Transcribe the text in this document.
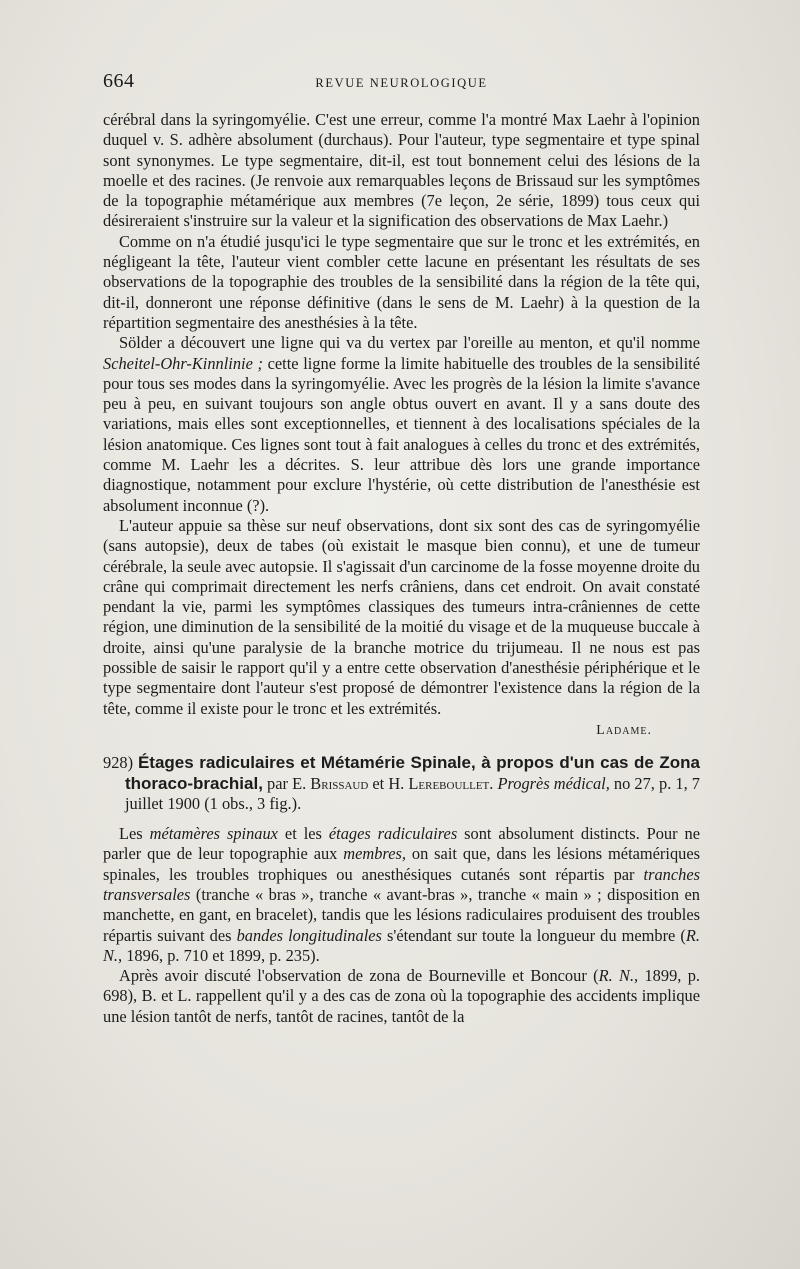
664	REVUE NEUROLOGIQUE

cérébral dans la syringomyélie. C'est une erreur, comme l'a montré Max Laehr à l'opinion duquel v. S. adhère absolument (durchaus). Pour l'auteur, type segmentaire et type spinal sont synonymes. Le type segmentaire, dit-il, est tout bonnement celui des lésions de la moelle et des racines. (Je renvoie aux remarquables leçons de Brissaud sur les symptômes de la topographie métamérique aux membres (7e leçon, 2e série, 1899) tous ceux qui désireraient s'instruire sur la valeur et la signification des observations de Max Laehr.)

Comme on n'a étudié jusqu'ici le type segmentaire que sur le tronc et les extrémités, en négligeant la tête, l'auteur vient combler cette lacune en présentant les résultats de ses observations de la topographie des troubles de la sensibilité dans la région de la tête qui, dit-il, donneront une réponse définitive (dans le sens de M. Laehr) à la question de la répartition segmentaire des anesthésies à la tête.

Sölder a découvert une ligne qui va du vertex par l'oreille au menton, et qu'il nomme Scheitel-Ohr-Kinnlinie ; cette ligne forme la limite habituelle des troubles de la sensibilité pour tous ses modes dans la syringomyélie. Avec les progrès de la lésion la limite s'avance peu à peu, en suivant toujours son angle obtus ouvert en avant. Il y a sans doute des variations, mais elles sont exceptionnelles, et tiennent à des localisations spéciales de la lésion anatomique. Ces lignes sont tout à fait analogues à celles du tronc et des extrémités, comme M. Laehr les a décrites. S. leur attribue dès lors une grande importance diagnostique, notamment pour exclure l'hystérie, où cette distribution de l'anesthésie est absolument inconnue (?).

L'auteur appuie sa thèse sur neuf observations, dont six sont des cas de syringomyélie (sans autopsie), deux de tabes (où existait le masque bien connu), et une de tumeur cérébrale, la seule avec autopsie. Il s'agissait d'un carcinome de la fosse moyenne droite du crâne qui comprimait directement les nerfs crâniens, dans cet endroit. On avait constaté pendant la vie, parmi les symptômes classiques des tumeurs intra-crâniennes de cette région, une diminution de la sensibilité de la moitié du visage et de la muqueuse buccale à droite, ainsi qu'une paralysie de la branche motrice du trijumeau. Il ne nous est pas possible de saisir le rapport qu'il y a entre cette observation d'anesthésie périphérique et le type segmentaire dont l'auteur s'est proposé de démontrer l'existence dans la région de la tête, comme il existe pour le tronc et les extrémités.

Ladame.

928) Étages radiculaires et Métamérie Spinale, à propos d'un cas de Zona thoraco-brachial, par E. Brissaud et H. Lereboullet. Progrès médical, no 27, p. 1, 7 juillet 1900 (1 obs., 3 fig.).

Les métamères spinaux et les étages radiculaires sont absolument distincts. Pour ne parler que de leur topographie aux membres, on sait que, dans les lésions métamériques spinales, les troubles trophiques ou anesthésiques cutanés sont répartis par tranches transversales (tranche « bras », tranche « avant-bras », tranche « main » ; disposition en manchette, en gant, en bracelet), tandis que les lésions radiculaires produisent des troubles répartis suivant des bandes longitudinales s'étendant sur toute la longueur du membre (R. N., 1896, p. 710 et 1899, p. 235).

Après avoir discuté l'observation de zona de Bourneville et Boncour (R. N., 1899, p. 698), B. et L. rappellent qu'il y a des cas de zona où la topographie des accidents implique une lésion tantôt de nerfs, tantôt de racines, tantôt de la
